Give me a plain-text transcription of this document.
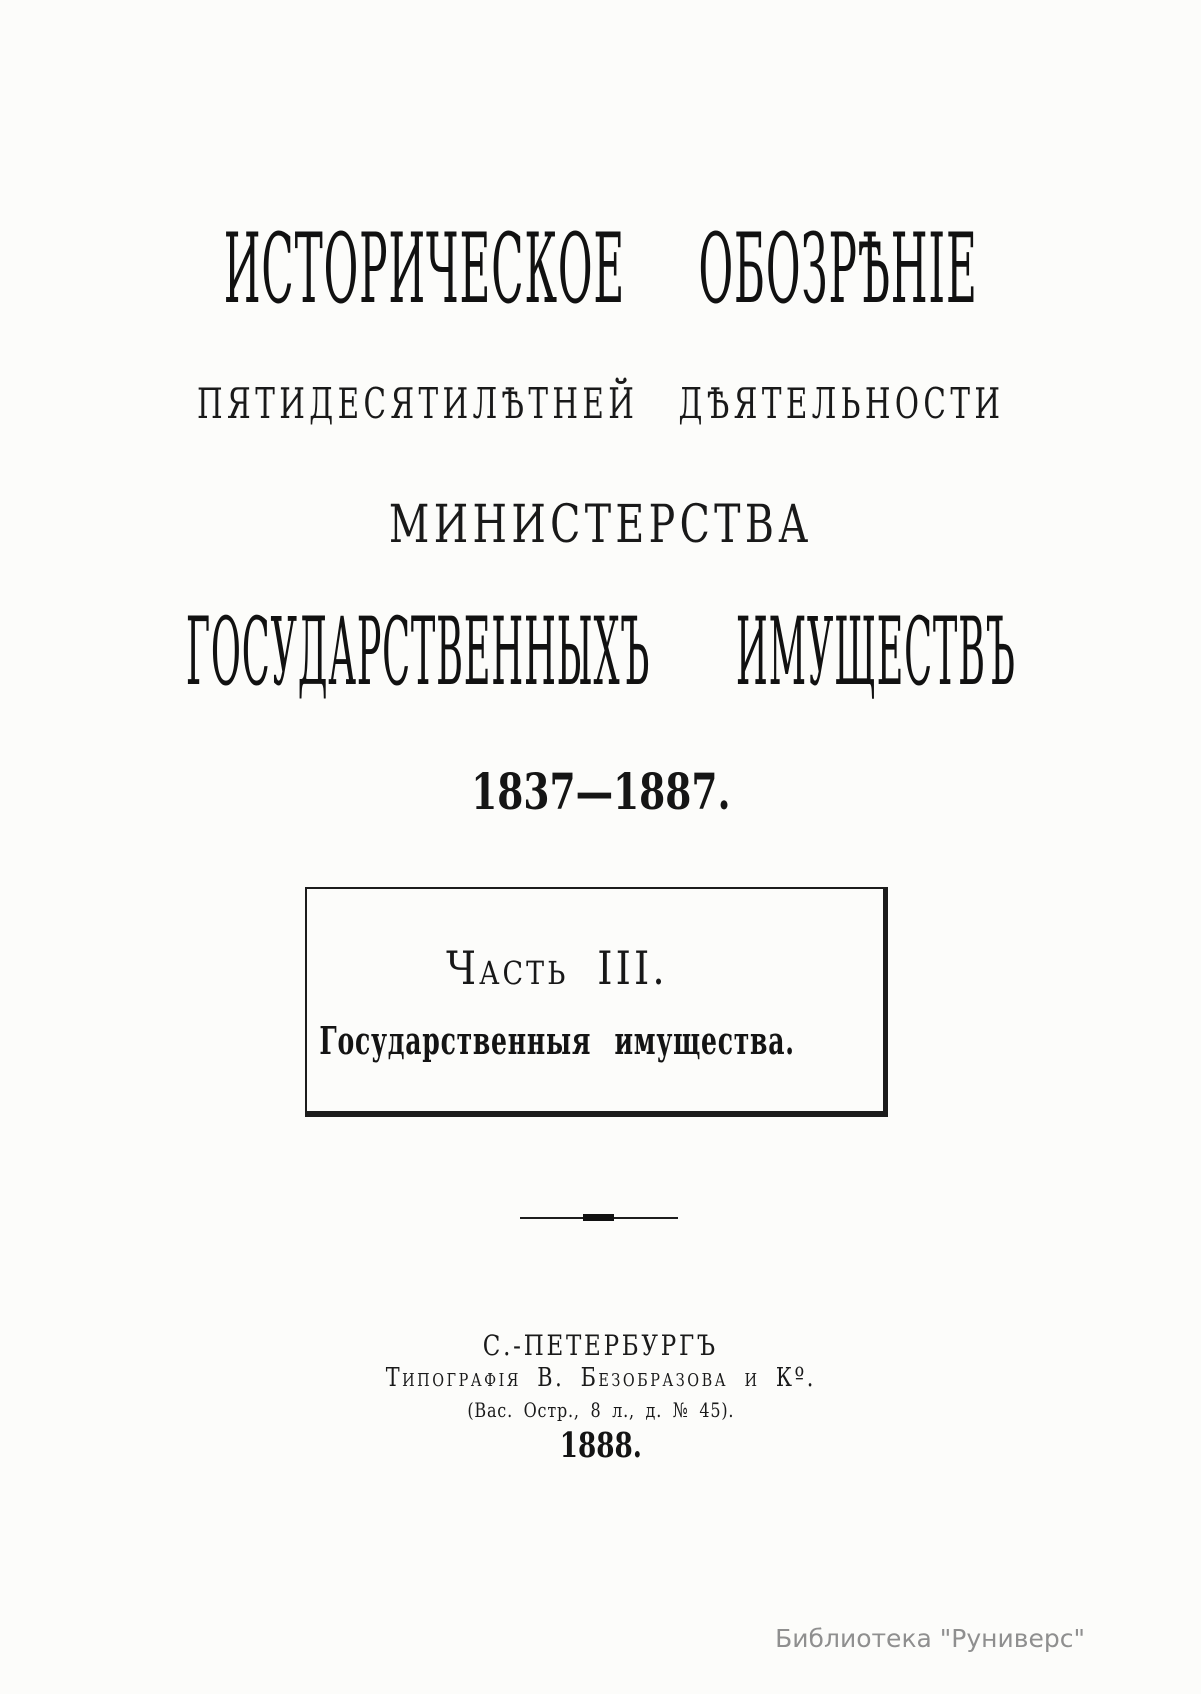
ИСТОРИЧЕСКОЕ ОБОЗРѢНІЕ
ПЯТИДЕСЯТИЛѢТНЕЙ ДѢЯТЕЛЬНОСТИ
МИНИСТЕРСТВА
ГОСУДАРСТВЕННЫХЪ ИМУЩЕСТВЪ
1837—1887.
Часть III.
Государственныя имущества.
С.-ПЕТЕРБУРГЪ
Типографія В. Безобразова и Кº.
(Вас. Остр., 8 л., д. № 45).
1888.
Библиотека "Руниверс"
